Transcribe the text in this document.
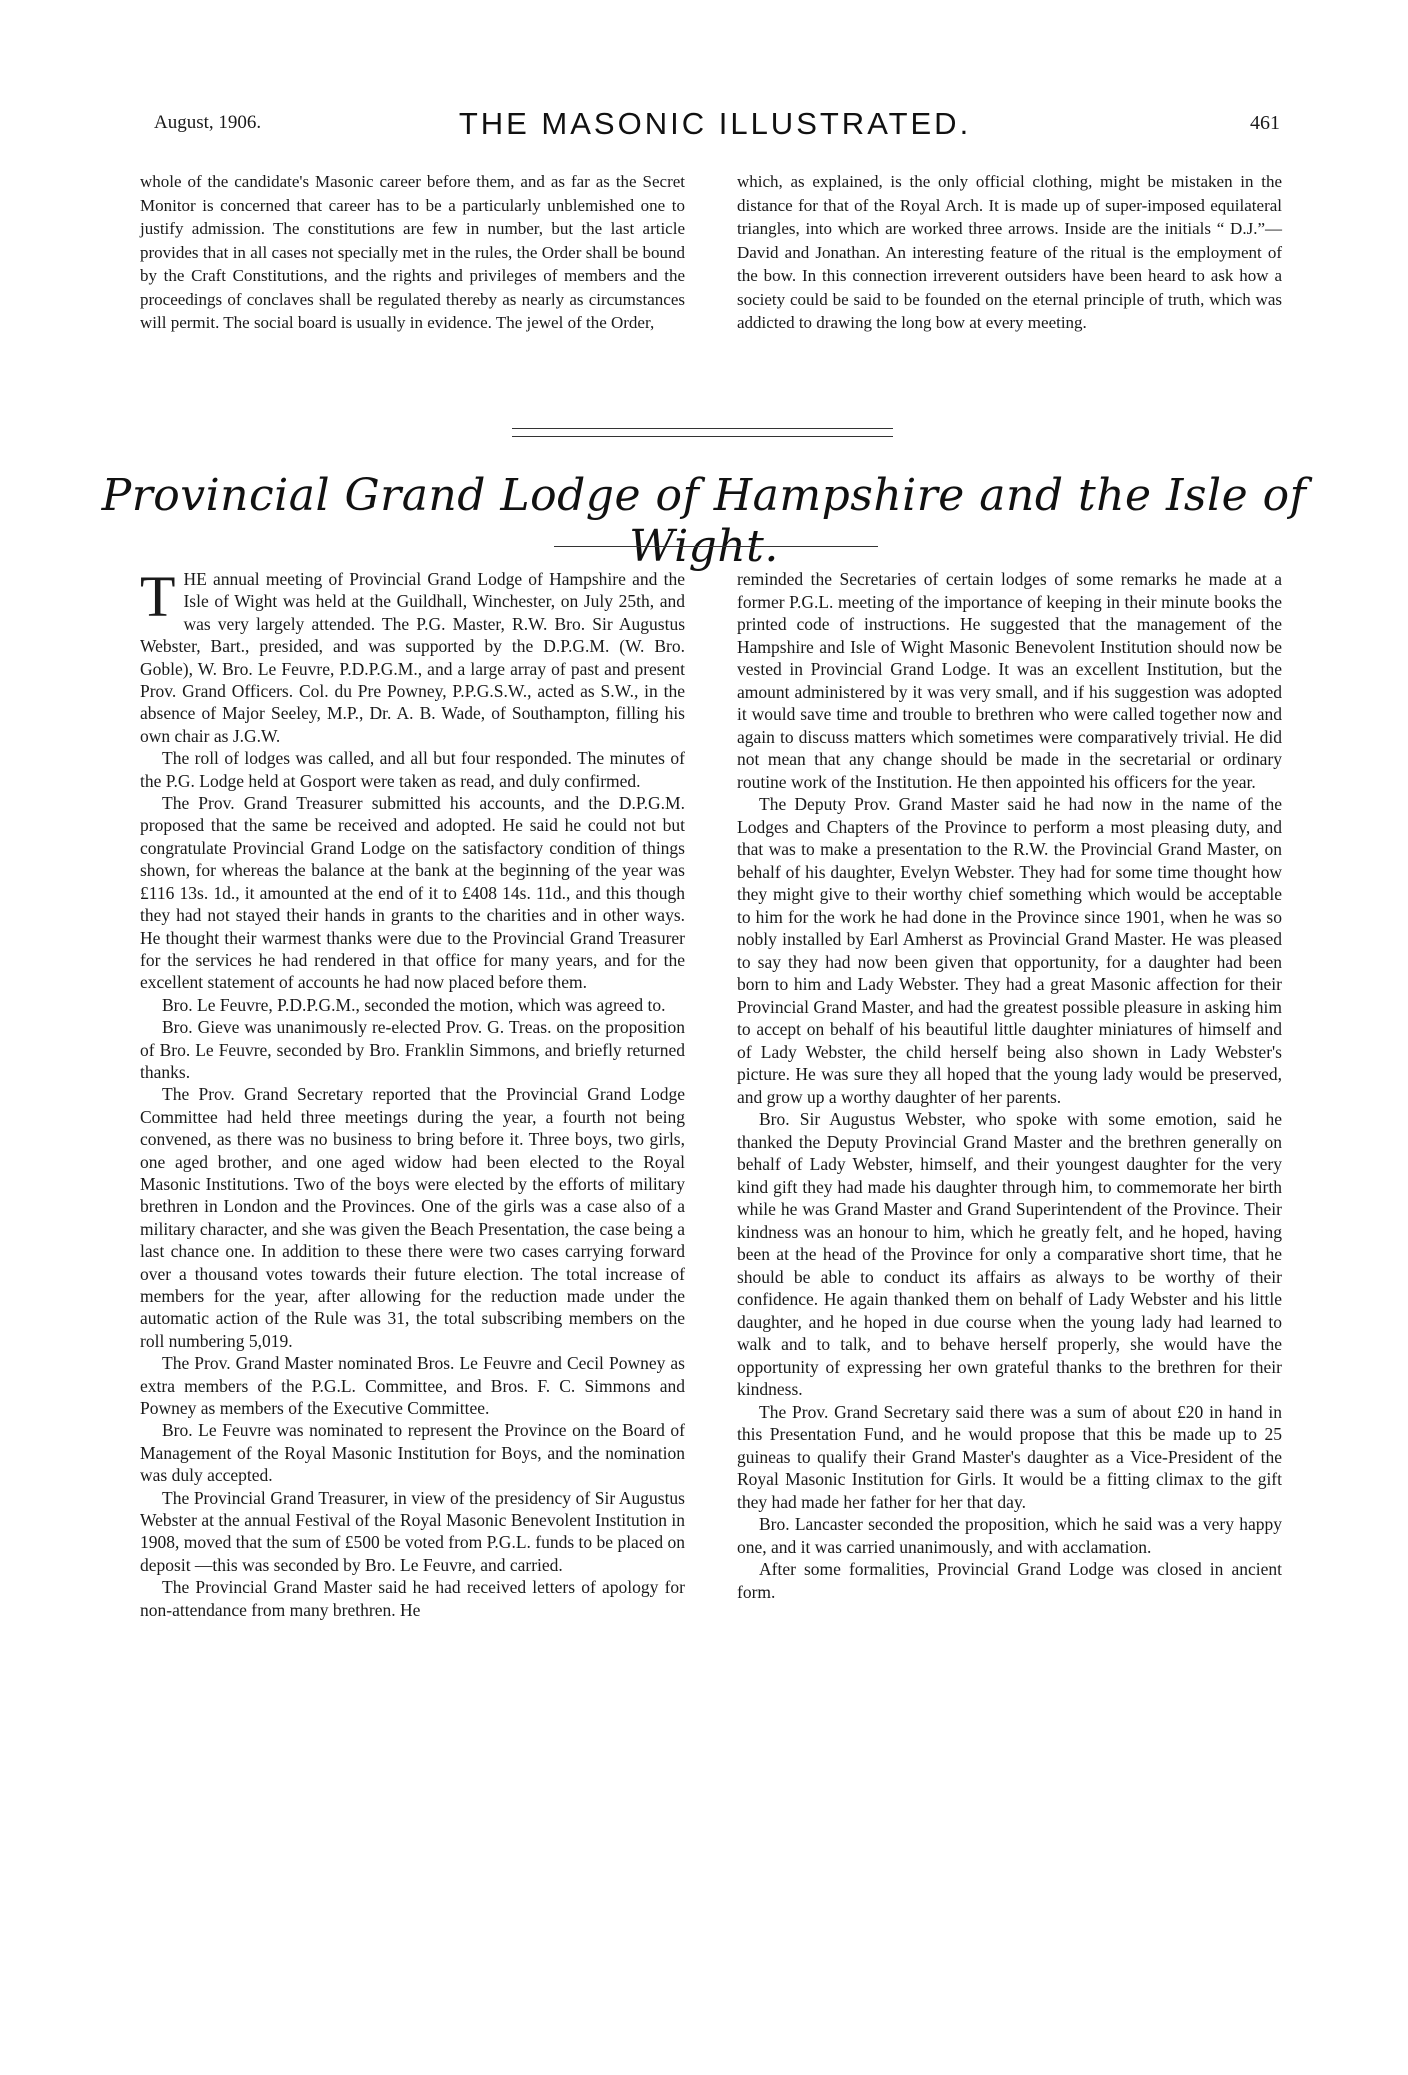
August, 1906.	THE MASONIC ILLUSTRATED.	461

whole of the candidate's Masonic career before them, and as far as the Secret Monitor is concerned that career has to be a particularly unblemished one to justify admission. The constitutions are few in number, but the last article provides that in all cases not specially met in the rules, the Order shall be bound by the Craft Constitutions, and the rights and privileges of members and the proceedings of conclaves shall be regulated thereby as nearly as circumstances will permit. The social board is usually in evidence. The jewel of the Order,

which, as explained, is the only official clothing, might be mistaken in the distance for that of the Royal Arch. It is made up of super-imposed equilateral triangles, into which are worked three arrows. Inside are the initials “ D.J.”— David and Jonathan. An interesting feature of the ritual is the employment of the bow. In this connection irreverent outsiders have been heard to ask how a society could be said to be founded on the eternal principle of truth, which was addicted to drawing the long bow at every meeting.

Provincial Grand Lodge of Hampshire and the Isle of Wight.

THE annual meeting of Provincial Grand Lodge of Hampshire and the Isle of Wight was held at the Guildhall, Winchester, on July 25th, and was very largely attended. The P.G. Master, R.W. Bro. Sir Augustus Webster, Bart., presided, and was supported by the D.P.G.M. (W. Bro. Goble), W. Bro. Le Feuvre, P.D.P.G.M., and a large array of past and present Prov. Grand Officers. Col. du Pre Powney, P.P.G.S.W., acted as S.W., in the absence of Major Seeley, M.P., Dr. A. B. Wade, of Southampton, filling his own chair as J.G.W.

The roll of lodges was called, and all but four responded. The minutes of the P.G. Lodge held at Gosport were taken as read, and duly confirmed.

The Prov. Grand Treasurer submitted his accounts, and the D.P.G.M. proposed that the same be received and adopted. He said he could not but congratulate Provincial Grand Lodge on the satisfactory condition of things shown, for whereas the balance at the bank at the beginning of the year was £116 13s. 1d., it amounted at the end of it to £408 14s. 11d., and this though they had not stayed their hands in grants to the charities and in other ways. He thought their warmest thanks were due to the Provincial Grand Treasurer for the services he had rendered in that office for many years, and for the excellent statement of accounts he had now placed before them.

Bro. Le Feuvre, P.D.P.G.M., seconded the motion, which was agreed to.

Bro. Gieve was unanimously re-elected Prov. G. Treas. on the proposition of Bro. Le Feuvre, seconded by Bro. Franklin Simmons, and briefly returned thanks.

The Prov. Grand Secretary reported that the Provincial Grand Lodge Committee had held three meetings during the year, a fourth not being convened, as there was no business to bring before it. Three boys, two girls, one aged brother, and one aged widow had been elected to the Royal Masonic Institutions. Two of the boys were elected by the efforts of military brethren in London and the Provinces. One of the girls was a case also of a military character, and she was given the Beach Presentation, the case being a last chance one. In addition to these there were two cases carrying forward over a thousand votes towards their future election. The total increase of members for the year, after allowing for the reduction made under the automatic action of the Rule was 31, the total subscribing members on the roll numbering 5,019.

The Prov. Grand Master nominated Bros. Le Feuvre and Cecil Powney as extra members of the P.G.L. Committee, and Bros. F. C. Simmons and Powney as members of the Executive Committee.

Bro. Le Feuvre was nominated to represent the Province on the Board of Management of the Royal Masonic Institution for Boys, and the nomination was duly accepted.

The Provincial Grand Treasurer, in view of the presidency of Sir Augustus Webster at the annual Festival of the Royal Masonic Benevolent Institution in 1908, moved that the sum of £500 be voted from P.G.L. funds to be placed on deposit —this was seconded by Bro. Le Feuvre, and carried.

The Provincial Grand Master said he had received letters of apology for non-attendance from many brethren. He

reminded the Secretaries of certain lodges of some remarks he made at a former P.G.L. meeting of the importance of keeping in their minute books the printed code of instructions. He suggested that the management of the Hampshire and Isle of Wight Masonic Benevolent Institution should now be vested in Provincial Grand Lodge. It was an excellent Institution, but the amount administered by it was very small, and if his suggestion was adopted it would save time and trouble to brethren who were called together now and again to discuss matters which sometimes were comparatively trivial. He did not mean that any change should be made in the secretarial or ordinary routine work of the Institution. He then appointed his officers for the year.

The Deputy Prov. Grand Master said he had now in the name of the Lodges and Chapters of the Province to perform a most pleasing duty, and that was to make a presentation to the R.W. the Provincial Grand Master, on behalf of his daughter, Evelyn Webster. They had for some time thought how they might give to their worthy chief something which would be acceptable to him for the work he had done in the Province since 1901, when he was so nobly installed by Earl Amherst as Provincial Grand Master. He was pleased to say they had now been given that opportunity, for a daughter had been born to him and Lady Webster. They had a great Masonic affection for their Provincial Grand Master, and had the greatest possible pleasure in asking him to accept on behalf of his beautiful little daughter miniatures of himself and of Lady Webster, the child herself being also shown in Lady Webster's picture. He was sure they all hoped that the young lady would be preserved, and grow up a worthy daughter of her parents.

Bro. Sir Augustus Webster, who spoke with some emotion, said he thanked the Deputy Provincial Grand Master and the brethren generally on behalf of Lady Webster, himself, and their youngest daughter for the very kind gift they had made his daughter through him, to commemorate her birth while he was Grand Master and Grand Superintendent of the Province. Their kindness was an honour to him, which he greatly felt, and he hoped, having been at the head of the Province for only a comparative short time, that he should be able to conduct its affairs as always to be worthy of their confidence. He again thanked them on behalf of Lady Webster and his little daughter, and he hoped in due course when the young lady had learned to walk and to talk, and to behave herself properly, she would have the opportunity of expressing her own grateful thanks to the brethren for their kindness.

The Prov. Grand Secretary said there was a sum of about £20 in hand in this Presentation Fund, and he would propose that this be made up to 25 guineas to qualify their Grand Master's daughter as a Vice-President of the Royal Masonic Institution for Girls. It would be a fitting climax to the gift they had made her father for her that day.

Bro. Lancaster seconded the proposition, which he said was a very happy one, and it was carried unanimously, and with acclamation.

After some formalities, Provincial Grand Lodge was closed in ancient form.
